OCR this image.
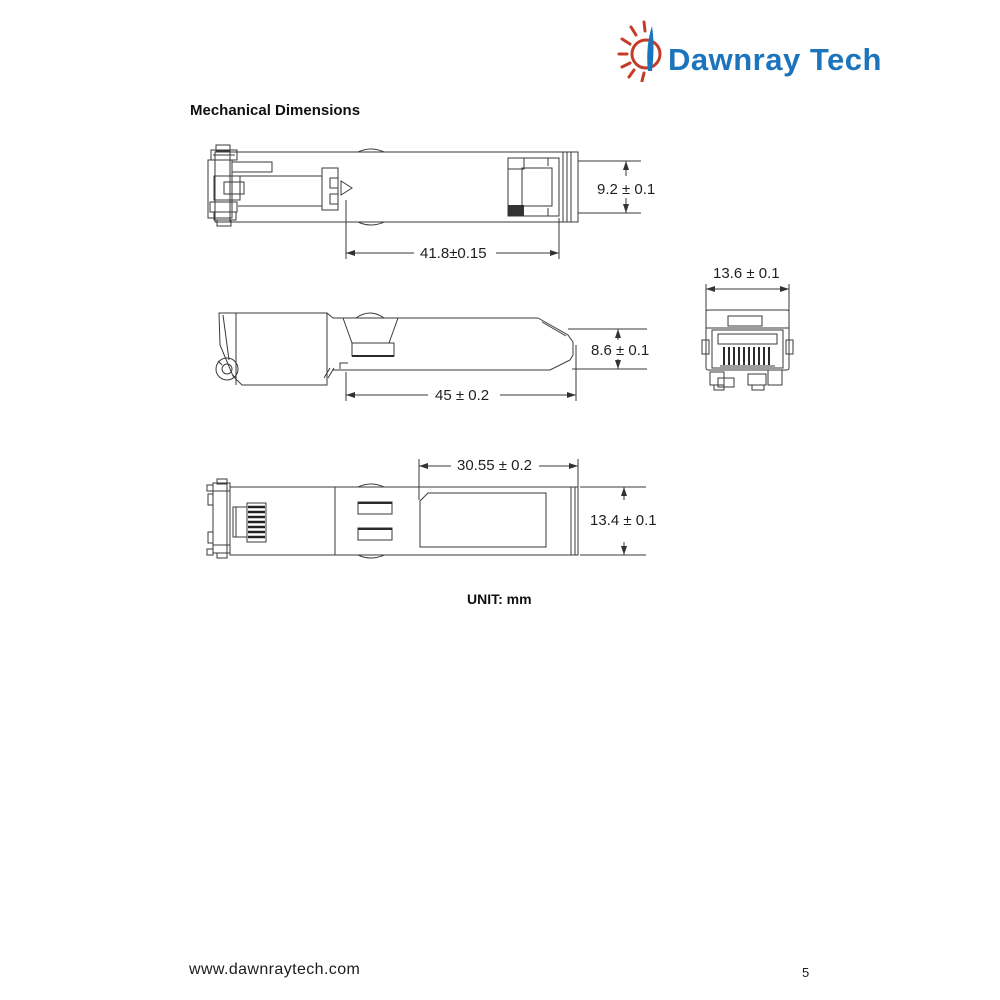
Dawnray Tech
Mechanical Dimensions
41.8±0.15
9.2 ± 0.1
8.6 ± 0.1
45 ± 0.2
13.6 ± 0.1
30.55 ± 0.2
13.4 ± 0.1
UNIT: mm
www.dawnraytech.com	5
